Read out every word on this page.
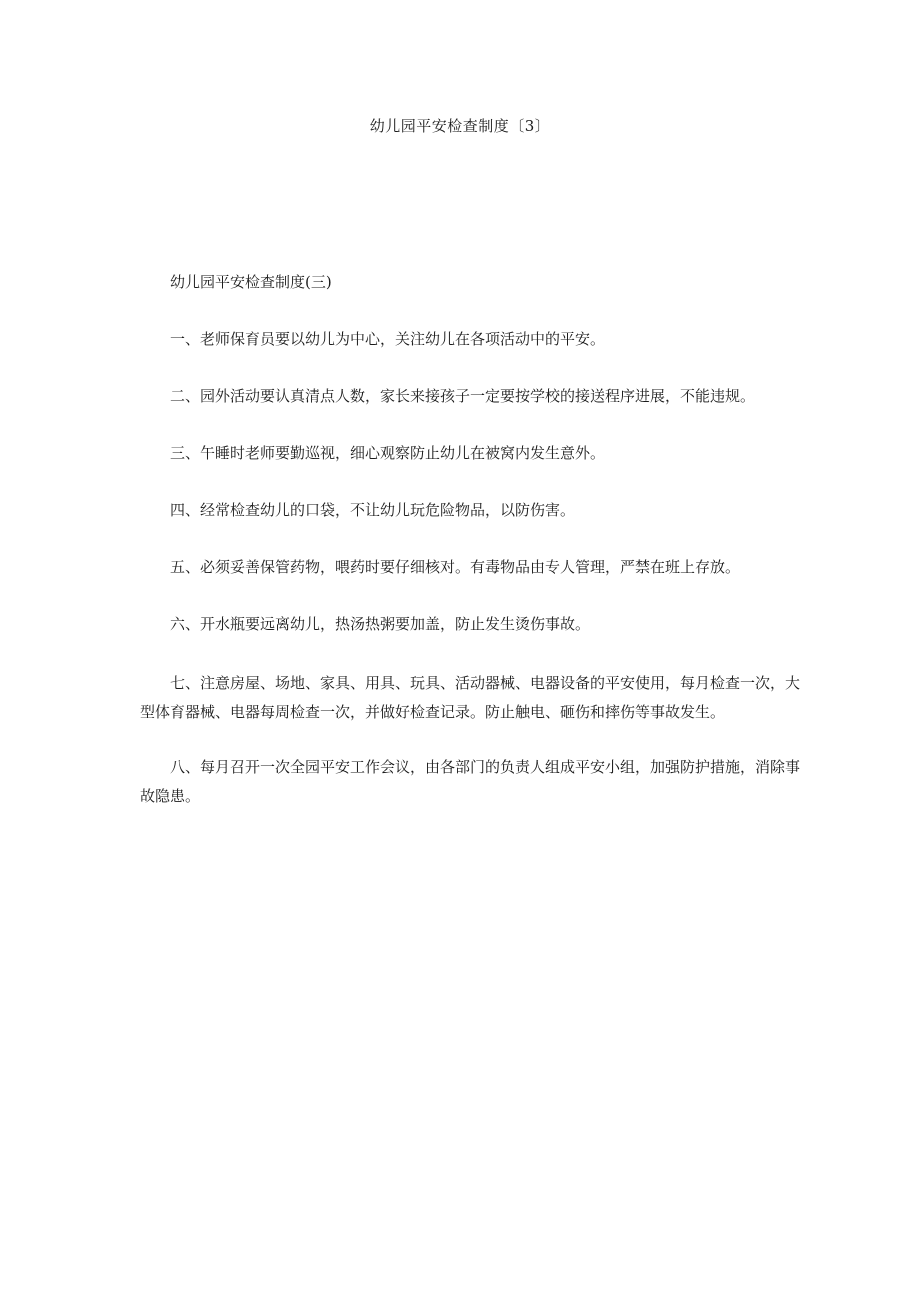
幼儿园平安检查制度〔3〕

幼儿园平安检查制度(三)

一、老师保育员要以幼儿为中心，关注幼儿在各项活动中的平安。

二、园外活动要认真清点人数，家长来接孩子一定要按学校的接送程序进展，不能违规。

三、午睡时老师要勤巡视，细心观察防止幼儿在被窝内发生意外。

四、经常检查幼儿的口袋，不让幼儿玩危险物品，以防伤害。

五、必须妥善保管药物，喂药时要仔细核对。有毒物品由专人管理，严禁在班上存放。

六、开水瓶要远离幼儿，热汤热粥要加盖，防止发生烫伤事故。

七、注意房屋、场地、家具、用具、玩具、活动器械、电器设备的平安使用，每月检查一次，大型体育器械、电器每周检查一次，并做好检查记录。防止触电、砸伤和摔伤等事故发生。

八、每月召开一次全园平安工作会议，由各部门的负责人组成平安小组，加强防护措施，消除事故隐患。
